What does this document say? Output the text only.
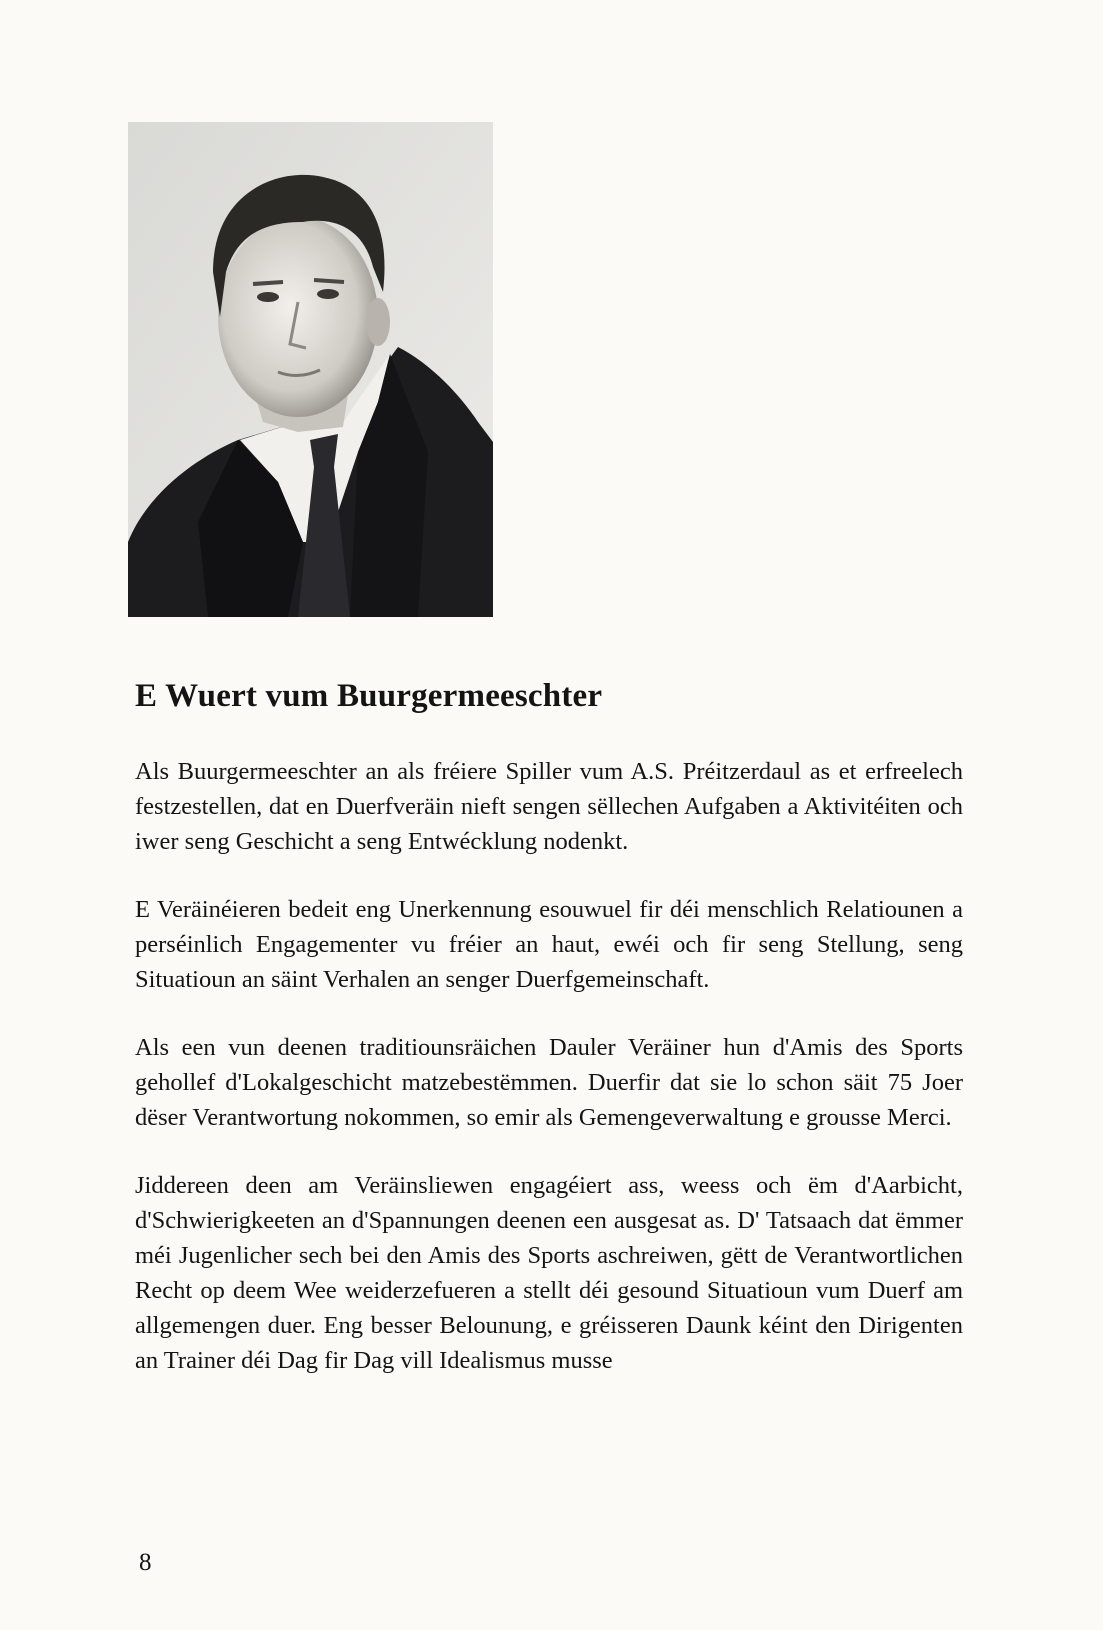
E Wuert vum Buurgermeeschter

Als Buurgermeeschter an als fréiere Spiller vum A.S. Préitzerdaul as et erfreelech festzestellen, dat en Duerfveräin nieft sengen sëllechen Aufgaben a Aktivitéiten och iwer seng Geschicht a seng Entwécklung nodenkt.

E Veräinéieren bedeit eng Unerkennung esouwuel fir déi menschlich Relatiounen a perséinlich Engagementer vu fréier an haut, ewéi och fir seng Stellung, seng Situatioun an säint Verhalen an senger Duerfgemeinschaft.

Als een vun deenen traditiounsräichen Dauler Veräiner hun d'Amis des Sports gehollef d'Lokalgeschicht matzebestëmmen. Duerfir dat sie lo schon säit 75 Joer dëser Verantwortung nokommen, so emir als Gemengeverwaltung e grousse Merci.

Jiddereen deen am Veräinsliewen engagéiert ass, weess och ëm d'Aarbicht, d'Schwierigkeeten an d'Spannungen deenen een ausgesat as. D' Tatsaach dat ëmmer méi Jugenlicher sech bei den Amis des Sports aschreiwen, gëtt de Verantwortlichen Recht op deem Wee weiderzefueren a stellt déi gesound Situatioun vum Duerf am allgemengen duer. Eng besser Belounung, e gréisseren Daunk kéint den Dirigenten an Trainer déi Dag fir Dag vill Idealismus musse

8
